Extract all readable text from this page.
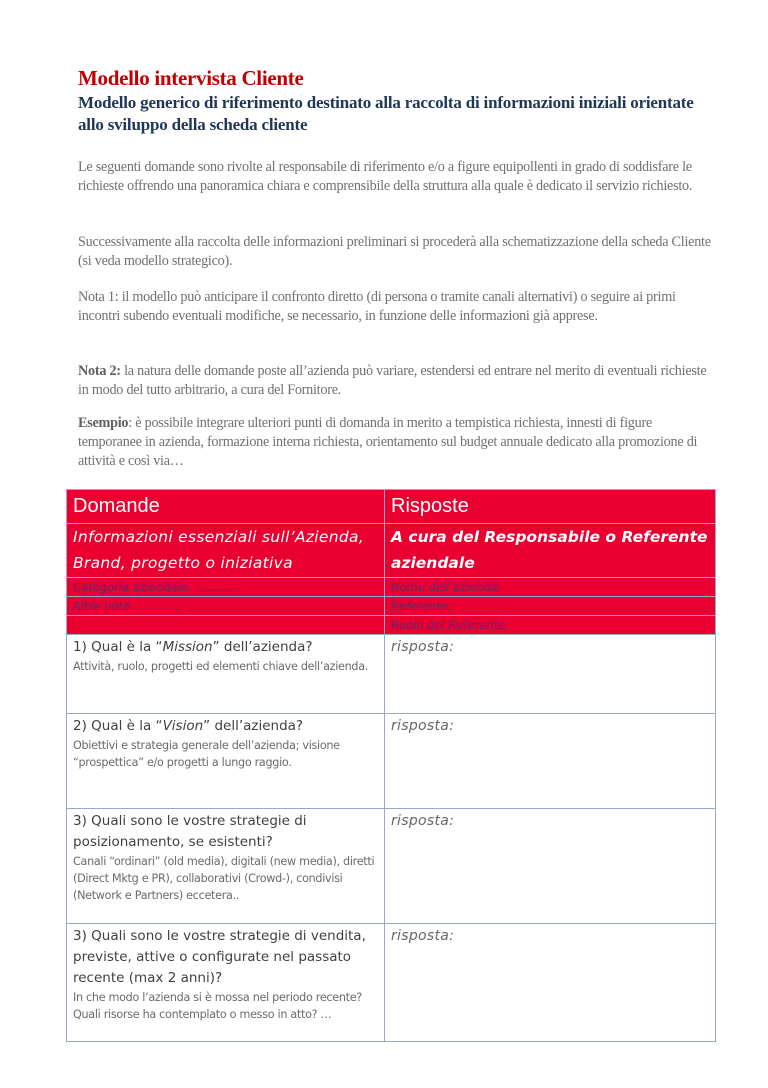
Modello intervista Cliente
Modello generico di riferimento destinato alla raccolta di informazioni iniziali orientate allo sviluppo della scheda cliente
Le seguenti domande sono rivolte al responsabile di riferimento e/o a figure equipollenti in grado di soddisfare le richieste offrendo una panoramica chiara e comprensibile della struttura alla quale è dedicato il servizio richiesto.
Successivamente alla raccolta delle informazioni preliminari si procederà alla schematizzazione della scheda Cliente (si veda modello strategico).
Nota 1: il modello può anticipare il confronto diretto (di persona o tramite canali alternativi) o seguire ai primi incontri subendo eventuali modifiche, se necessario, in funzione delle informazioni già apprese.
Nota 2: la natura delle domande poste all’azienda può variare, estendersi ed entrare nel merito di eventuali richieste in modo del tutto arbitrario, a cura del Fornitore.
Esempio: è possibile integrare ulteriori punti di domanda in merito a tempistica richiesta, innesti di figure temporanee in azienda, formazione interna richiesta, orientamento sul budget annuale dedicato alla promozione di attività e così via…
Domande	Risposte
Informazioni essenziali sull’Azienda, Brand, progetto o iniziativa	A cura del Responsabile o Referente aziendale
Categoria aziendale: …………	Nome dell’azienda:
Altre note …………	Referente:
	Ruolo del Referente:

1) Qual è la “Mission” dell’azienda?
Attività, ruolo, progetti ed elementi chiave dell’azienda.	risposta:

2) Qual è la “Vision” dell’azienda?
Obiettivi e strategia generale dell’azienda; visione “prospettica” e/o progetti a lungo raggio.	risposta:

3) Quali sono le vostre strategie di posizionamento, se esistenti?
Canali “ordinari” (old media), digitali (new media), diretti (Direct Mktg e PR), collaborativi (Crowd-), condivisi (Network e Partners) eccetera..	risposta:

3) Quali sono le vostre strategie di vendita, previste, attive o configurate nel passato recente (max 2 anni)?
In che modo l’azienda si è mossa nel periodo recente? Quali risorse ha contemplato o messo in atto? …	risposta:
